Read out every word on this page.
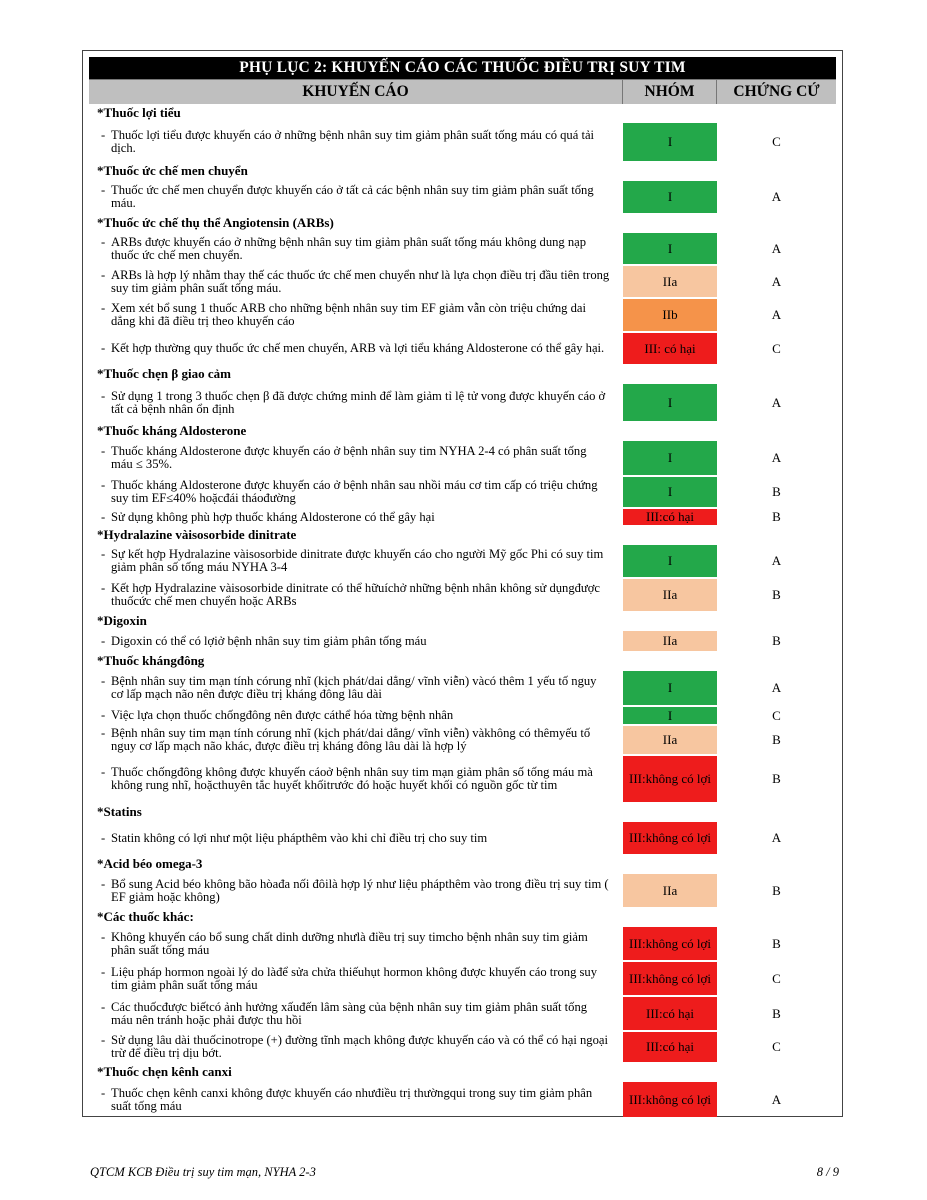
PHỤ LỤC 2: KHUYẾN CÁO CÁC THUỐC ĐIỀU TRỊ SUY TIM
KHUYẾN CÁO	NHÓM	CHỨNG CỨ
*Thuốc lợi tiểu
- Thuốc lợi tiểu được khuyến cáo ở những bệnh nhân suy tim giảm phân suất tống máu có quá tải dịch.	I	C
*Thuốc ức chế men chuyển
- Thuốc ức chế men chuyển được khuyến cáo ở tất cả các bệnh nhân suy tim giảm phân suất tống máu.	I	A
*Thuốc ức chế thụ thể Angiotensin (ARBs)
- ARBs được khuyến cáo ở những bệnh nhân suy tim giảm phân suất tống máu không dung nạp thuốc ức chế men chuyển.	I	A
- ARBs là hợp lý nhằm thay thế các thuốc ức chế men chuyển như là lựa chọn điều trị đầu tiên trong suy tim giảm phân suất tống máu.	IIa	A
- Xem xét bổ sung 1 thuốc ARB cho những bệnh nhân suy tim EF giảm vẫn còn triệu chứng dai dẳng khi đã điều trị theo khuyến cáo	IIb	A
- Kết hợp thường quy thuốc ức chế men chuyển, ARB và lợi tiểu kháng Aldosterone có thể gây hại.	III: có hại	C
*Thuốc chẹn β giao cảm
- Sử dụng 1 trong 3 thuốc chẹn β đã được chứng minh để làm giảm tỉ lệ tử vong được khuyến cáo ở tất cả bệnh nhân ổn định	I	A
*Thuốc kháng Aldosterone
- Thuốc kháng Aldosterone được khuyến cáo ở bệnh nhân suy tim NYHA 2-4 có phân suất tống máu ≤ 35%.	I	A
- Thuốc kháng Aldosterone được khuyến cáo ở bệnh nhân sau nhồi máu cơ tim cấp có triệu chứng suy tim EF≤40% hoặcđái tháođường	I	B
- Sử dụng không phù hợp thuốc kháng Aldosterone có thể gây hại	III:có hại	B
*Hydralazine vàisosorbide dinitrate
- Sự kết hợp Hydralazine vàisosorbide dinitrate được khuyến cáo cho người Mỹ gốc Phi có suy tim giảm phân số tống máu NYHA 3-4	I	A
- Kết hợp Hydralazine vàisosorbide dinitrate có thể hữuíchở những bệnh nhân không sử dụngđược thuốcức chế men chuyển hoặc ARBs	IIa	B
*Digoxin
- Digoxin có thể có lợiở bệnh nhân suy tim giảm phân tống máu	IIa	B
*Thuốc khángđông
- Bệnh nhân suy tim mạn tính córung nhĩ (kịch phát/dai dẳng/ vĩnh viễn) vàcó thêm 1 yếu tố nguy cơ lấp mạch não nên được điều trị kháng đông lâu dài	I	A
- Việc lựa chọn thuốc chốngđông nên được cáthể hóa từng bệnh nhân	I	C
- Bệnh nhân suy tim mạn tính córung nhĩ (kịch phát/dai dẳng/ vĩnh viễn) vàkhông có thêmyếu tố nguy cơ lấp mạch não khác, được điều trị kháng đông lâu dài là hợp lý	IIa	B
- Thuốc chốngđông không được khuyến cáoở bệnh nhân suy tim mạn giảm phân số tống máu mà không rung nhĩ, hoặcthuyên tắc huyết khốitrước đó hoặc huyết khối có nguồn gốc từ tim	III:không có lợi	B
*Statins
- Statin không có lợi như một liệu phápthêm vào khi chỉ điều trị cho suy tim	III:không có lợi	A
*Acid béo omega-3
- Bổ sung Acid béo không bão hòađa nối đôilà hợp lý như liệu phápthêm vào trong điều trị suy tim ( EF giảm hoặc không)	IIa	B
*Các thuốc khác:
- Không khuyến cáo bổ sung chất dinh dưỡng nhưlà điều trị suy timcho bệnh nhân suy tim giảm phân suất tống máu	III:không có lợi	B
- Liệu pháp hormon ngoài lý do làđể sửa chửa thiếuhụt hormon không được khuyến cáo trong suy tim giảm phân suất tống máu	III:không có lợi	C
- Các thuốcđược biếtcó ảnh hưởng xấuđến lâm sàng của bệnh nhân suy tim giảm phân suất tống máu nên tránh hoặc phải được thu hồi	III:có hại	B
- Sử dụng lâu dài thuốcinotrope (+) đường tĩnh mạch không được khuyến cáo và có thể có hại ngoại trừ để điều trị dịu bớt.	III:có hại	C
*Thuốc chẹn kênh canxi
- Thuốc chẹn kênh canxi không được khuyến cáo nhưđiều trị thườngqui trong suy tim giảm phân suất tống máu	III:không có lợi	A
QTCM KCB Điều trị suy tim mạn, NYHA 2-3	8 / 9
